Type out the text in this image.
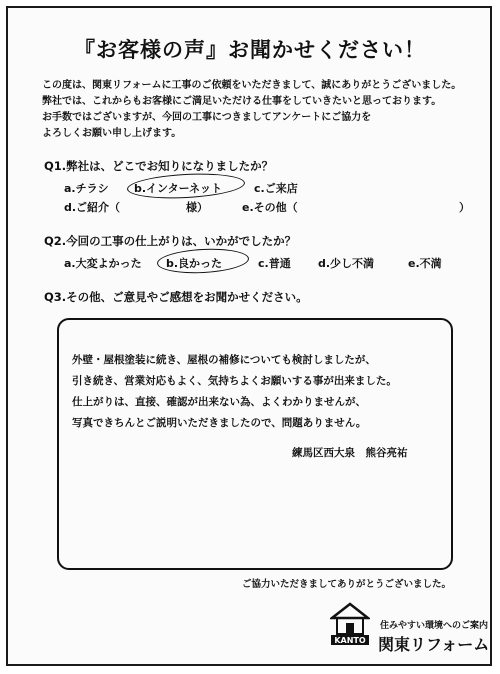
『お客様の声』お聞かせください！
この度は、関東リフォームに工事のご依頼をいただきまして、誠にありがとうございました。
弊社では、これからもお客様にご満足いただける仕事をしていきたいと思っております。
お手数ではございますが、今回の工事につきましてアンケートにご協力を
よろしくお願い申し上げます。
Q1.弊社は、どこでお知りになりましたか？
a.チラシ b.インターネット	c.ご来店
d.ご紹介（	様）	e.その他（	）
Q2.今回の工事の仕上がりは、いかがでしたか？
a.大変よかった b.良かった	c.普通 d.少し不満	e.不満
Q3.その他、ご意見やご感想をお聞かせください。
外壁・屋根塗装に続き、屋根の補修についても検討しましたが、
引き続き、営業対応もよく、気持ちよくお願いする事が出来ました。
仕上がりは、直接、確認が出来ない為、よくわかりませんが、
写真できちんとご説明いただきましたので、問題ありません。
練馬区西大泉　熊谷亮祐
ご協力いただきましてありがとうございました。
KANTO
住みやすい環境へのご案内
関東リフォーム
